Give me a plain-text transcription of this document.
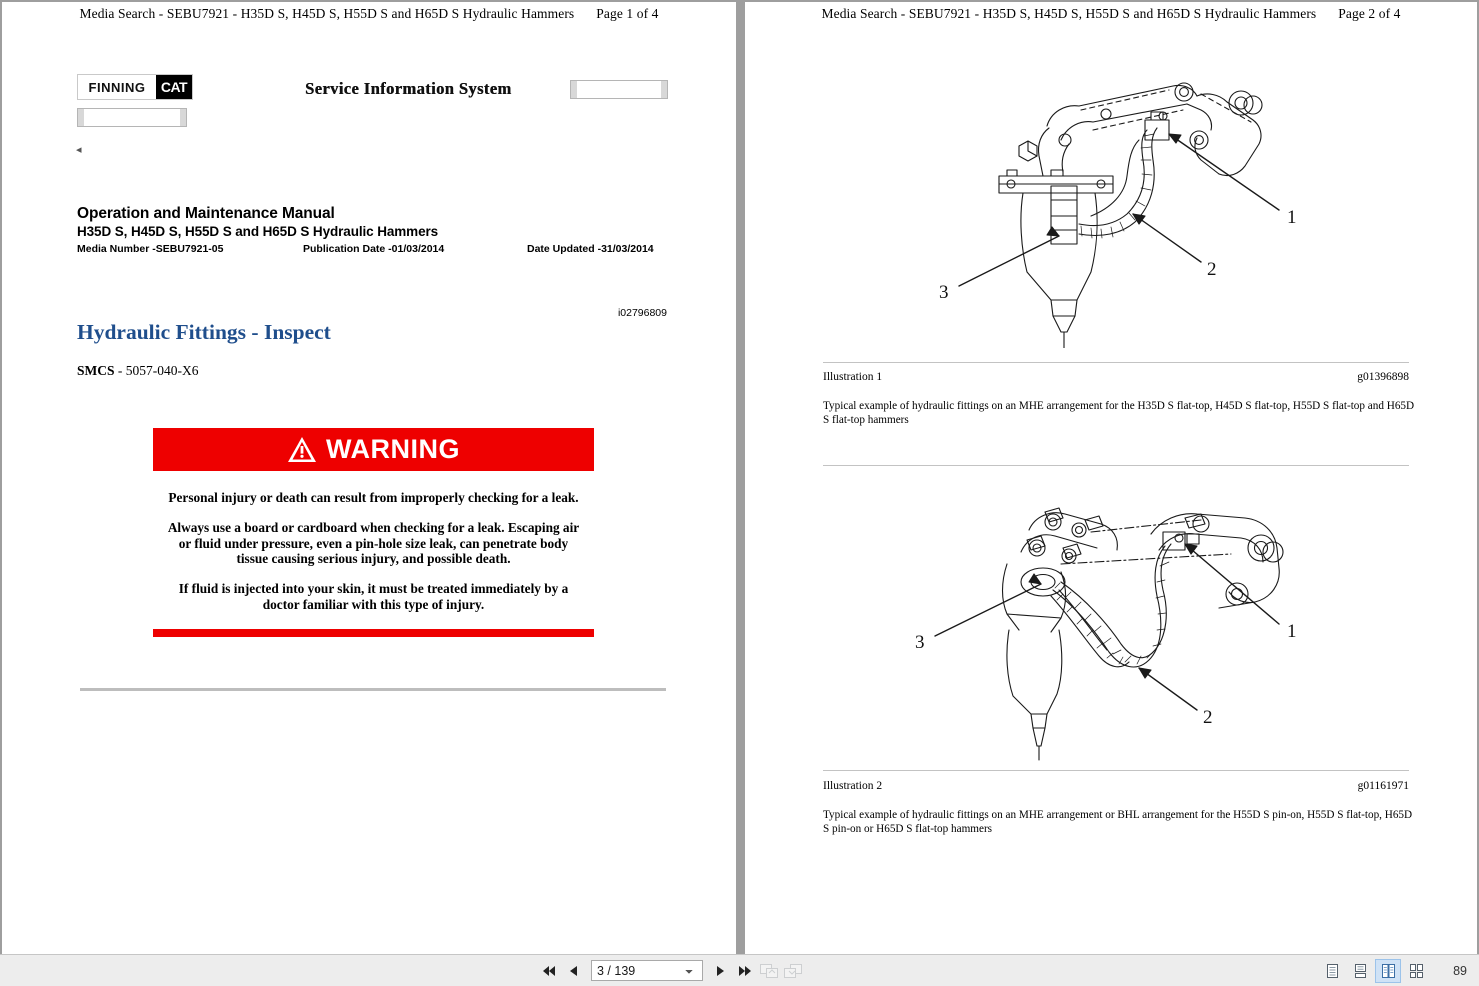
Media Search - SEBU7921 - H35D S, H45D S, H55D S and H65D S Hydraulic Hammers Page 1 of 4
FINNING	CAT	Service Information System
◂
Operation and Maintenance Manual
H35D S, H45D S, H55D S and H65D S Hydraulic Hammers
Media Number -SEBU7921-05	Publication Date -01/03/2014	Date Updated -31/03/2014
i02796809
Hydraulic Fittings - Inspect
SMCS - 5057-040-X6
WARNING

Personal injury or death can result from improperly checking for a leak.

Always use a board or cardboard when checking for a leak. Escaping air or fluid under pressure, even a pin-hole size leak, can penetrate body tissue causing serious injury, and possible death.

If fluid is injected into your skin, it must be treated immediately by a doctor familiar with this type of injury.

Media Search - SEBU7921 - H35D S, H45D S, H55D S and H65D S Hydraulic Hammers Page 2 of 4
1
2
3
Illustration 1	g01396898
Typical example of hydraulic fittings on an MHE arrangement for the H35D S flat-top, H45D S flat-top, H55D S flat-top and H65D S flat-top hammers
1
2
3
Illustration 2	g01161971
Typical example of hydraulic fittings on an MHE arrangement or BHL arrangement for the H55D S pin-on, H55D S flat-top, H65D S pin-on or H65D S flat-top hammers
3 / 139
89
